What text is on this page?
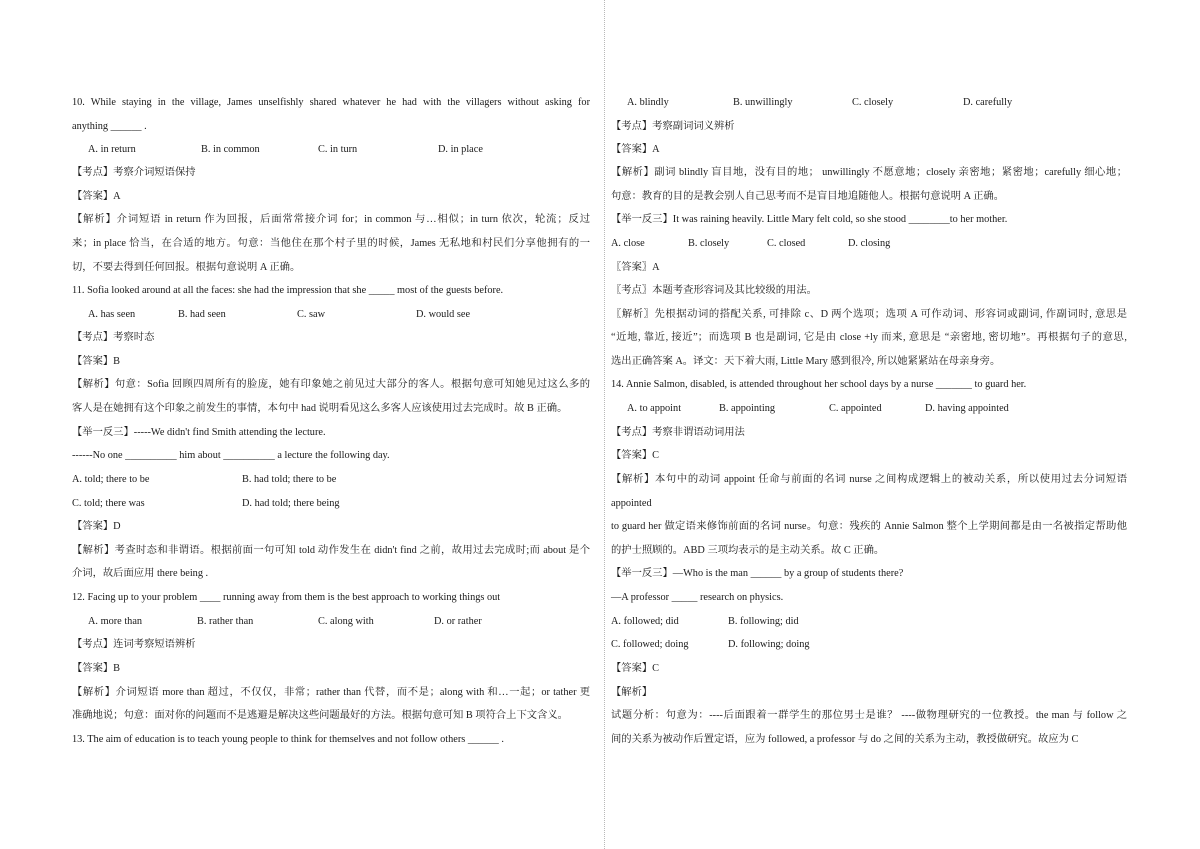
10. While staying in the village, James unselfishly shared whatever he had with the villagers without asking for
anything ______ .
A. in return	B. in common	C. in turn	D. in place
【考点】考察介词短语保持
【答案】A
【解析】介词短语 in return 作为回报，后面常常接介词 for；in common 与…相似；in turn 依次，轮流；反过
来；in place 恰当，在合适的地方。句意：当他住在那个村子里的时候，James 无私地和村民们分享他拥有的一
切，不要去得到任何回报。根据句意说明 A 正确。
11. Sofia looked around at all the faces: she had the impression that she _____ most of the guests before.
A. has seen	B. had seen	C. saw	D. would see
【考点】考察时态
【答案】B
【解析】句意：Sofia 回顾四周所有的脸庞，她有印象她之前见过大部分的客人。根据句意可知她见过这么多的
客人是在她拥有这个印象之前发生的事情，本句中 had 说明看见这么多客人应该使用过去完成时。故 B 正确。
【举一反三】-----We didn't find Smith attending the lecture.
------No one __________ him about __________ a lecture the following day.
A. told; there to be	B. had told; there to be
C. told; there was	D. had told; there being
【答案】D
【解析】考查时态和非谓语。根据前面一句可知 told 动作发生在 didn't find 之前，故用过去完成时;而 about 是个
介词，故后面应用 there being .
12. Facing up to your problem ____ running away from them is the best approach to working things out
A. more than	B. rather than	C. along with	D. or rather
【考点】连词考察短语辨析
【答案】B
【解析】介词短语 more than 超过，不仅仅，非常；rather than 代替，而不是；along with 和…一起；or tather 更
准确地说；句意：面对你的问题而不是逃避是解决这些问题最好的方法。根据句意可知 B 项符合上下文含义。
13. The aim of education is to teach young people to think for themselves and not follow others ______ .
A. blindly	B. unwillingly	C. closely	D. carefully
【考点】考察副词词义辨析
【答案】A
【解析】副词 blindly 盲目地，没有目的地； unwillingly 不愿意地；closely 亲密地；紧密地；carefully 细心地；
句意：教育的目的是教会别人自己思考而不是盲目地追随他人。根据句意说明 A 正确。
【举一反三】It was raining heavily. Little Mary felt cold, so she stood ________to her mother.
A. close	B. closely	C. closed	D. closing
〖答案〗A
〖考点〗本题考查形容词及其比较级的用法。
〖解析〗先根据动词的搭配关系, 可排除 c、D 两个选项；选项 A 可作动词、形容词或副词, 作副词时, 意思是
“近地, 靠近, 接近”；而选项 B 也是副词, 它是由 close +ly 而来, 意思是 “亲密地, 密切地”。再根据句子的意思,
选出正确答案 A。译文：天下着大雨, Little Mary 感到很冷, 所以她紧紧站在母亲身旁。
14. Annie Salmon, disabled, is attended throughout her school days by a nurse _______ to guard her.
A. to appoint	B. appointing	C. appointed	D. having appointed
【考点】考察非谓语动词用法
【答案】C
【解析】本句中的动词 appoint 任命与前面的名词 nurse 之间构成逻辑上的被动关系，所以使用过去分词短语
appointed
to guard her 做定语来修饰前面的名词 nurse。句意：残疾的 Annie Salmon 整个上学期间都是由一名被指定帮助他
的护士照顾的。ABD 三项均表示的是主动关系。故 C 正确。
【举一反三】—Who is the man ______ by a group of students there?
—A professor _____ research on physics.
A. followed; did	B. following; did
C. followed; doing	D. following; doing
【答案】C
【解析】
试题分析：句意为：----后面跟着一群学生的那位男士是谁？ ----做物理研究的一位教授。the man 与 follow 之
间的关系为被动作后置定语，应为 followed, a professor 与 do 之间的关系为主动，教授做研究。故应为 C
